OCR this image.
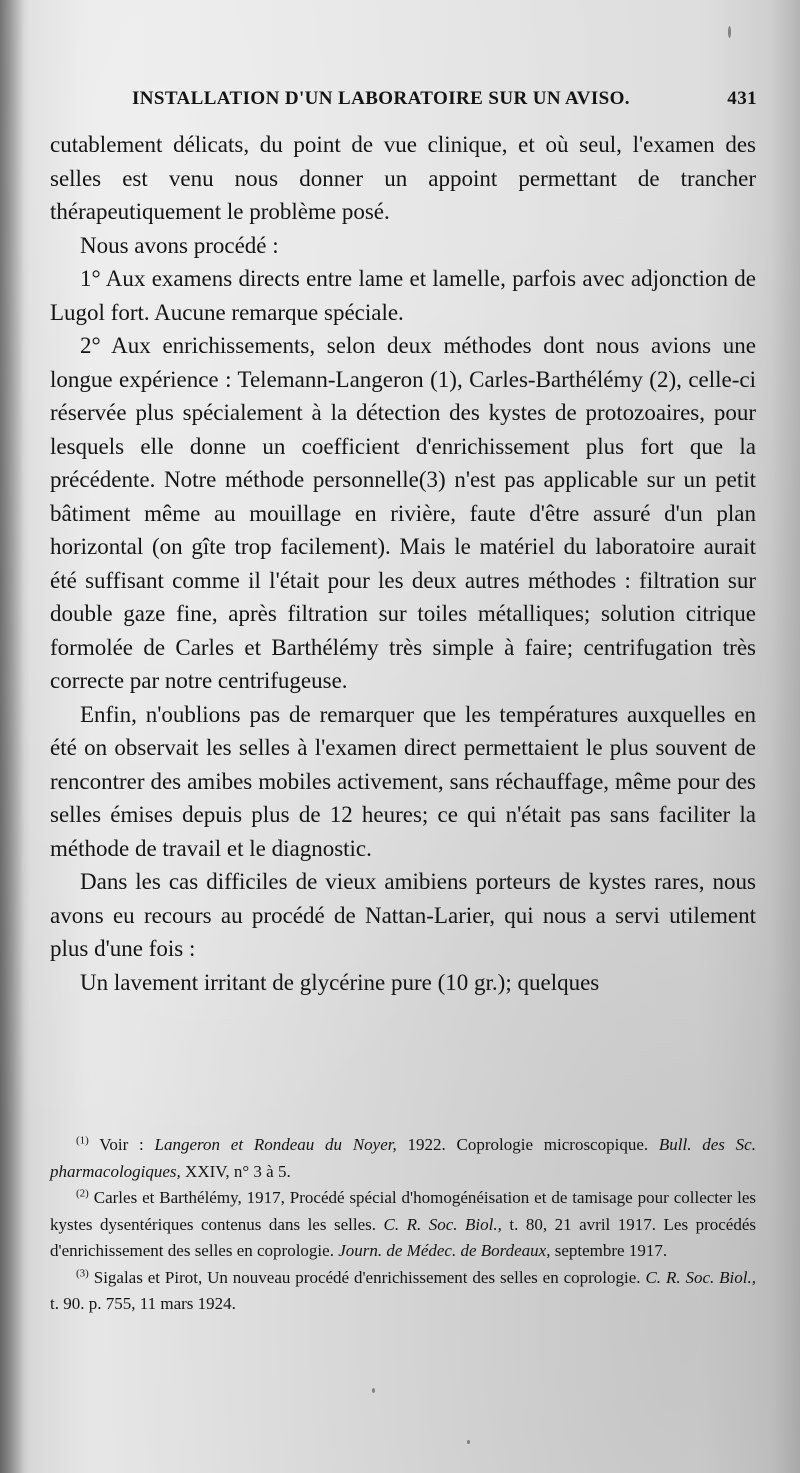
INSTALLATION D'UN LABORATOIRE SUR UN AVISO.	431

cutablement délicats, du point de vue clinique, et où seul, l'examen des selles est venu nous donner un appoint permettant de trancher thérapeutiquement le problème posé.

Nous avons procédé :

1° Aux examens directs entre lame et lamelle, parfois avec adjonction de Lugol fort. Aucune remarque spéciale.

2° Aux enrichissements, selon deux méthodes dont nous avions une longue expérience : Telemann-Langeron (1), Carles-Barthélémy (2), celle-ci réservée plus spécialement à la détection des kystes de protozoaires, pour lesquels elle donne un coefficient d'enrichissement plus fort que la précédente. Notre méthode personnelle(3) n'est pas applicable sur un petit bâtiment même au mouillage en rivière, faute d'être assuré d'un plan horizontal (on gîte trop facilement). Mais le matériel du laboratoire aurait été suffisant comme il l'était pour les deux autres méthodes : filtration sur double gaze fine, après filtration sur toiles métalliques; solution citrique formolée de Carles et Barthélémy très simple à faire; centrifugation très correcte par notre centrifugeuse.

Enfin, n'oublions pas de remarquer que les températures auxquelles en été on observait les selles à l'examen direct permettaient le plus souvent de rencontrer des amibes mobiles activement, sans réchauffage, même pour des selles émises depuis plus de 12 heures; ce qui n'était pas sans faciliter la méthode de travail et le diagnostic.

Dans les cas difficiles de vieux amibiens porteurs de kystes rares, nous avons eu recours au procédé de Nattan-Larier, qui nous a servi utilement plus d'une fois :

Un lavement irritant de glycérine pure (10 gr.); quelques

$^{(1)}$ Voir : Langeron et Rondeau du Noyer, 1922. Coprologie microscopique. Bull. des Sc. pharmacologiques, XXIV, n° 3 à 5.

$^{(2)}$ Carles et Barthélémy, 1917, Procédé spécial d'homogénéisation et de tamisage pour collecter les kystes dysentériques contenus dans les selles. C. R. Soc. Biol., t. 80, 21 avril 1917. Les procédés d'enrichissement des selles en coprologie. Journ. de Médec. de Bordeaux, septembre 1917.

$^{(3)}$ Sigalas et Pirot, Un nouveau procédé d'enrichissement des selles en coprologie. C. R. Soc. Biol., t. 90. p. 755, 11 mars 1924.
